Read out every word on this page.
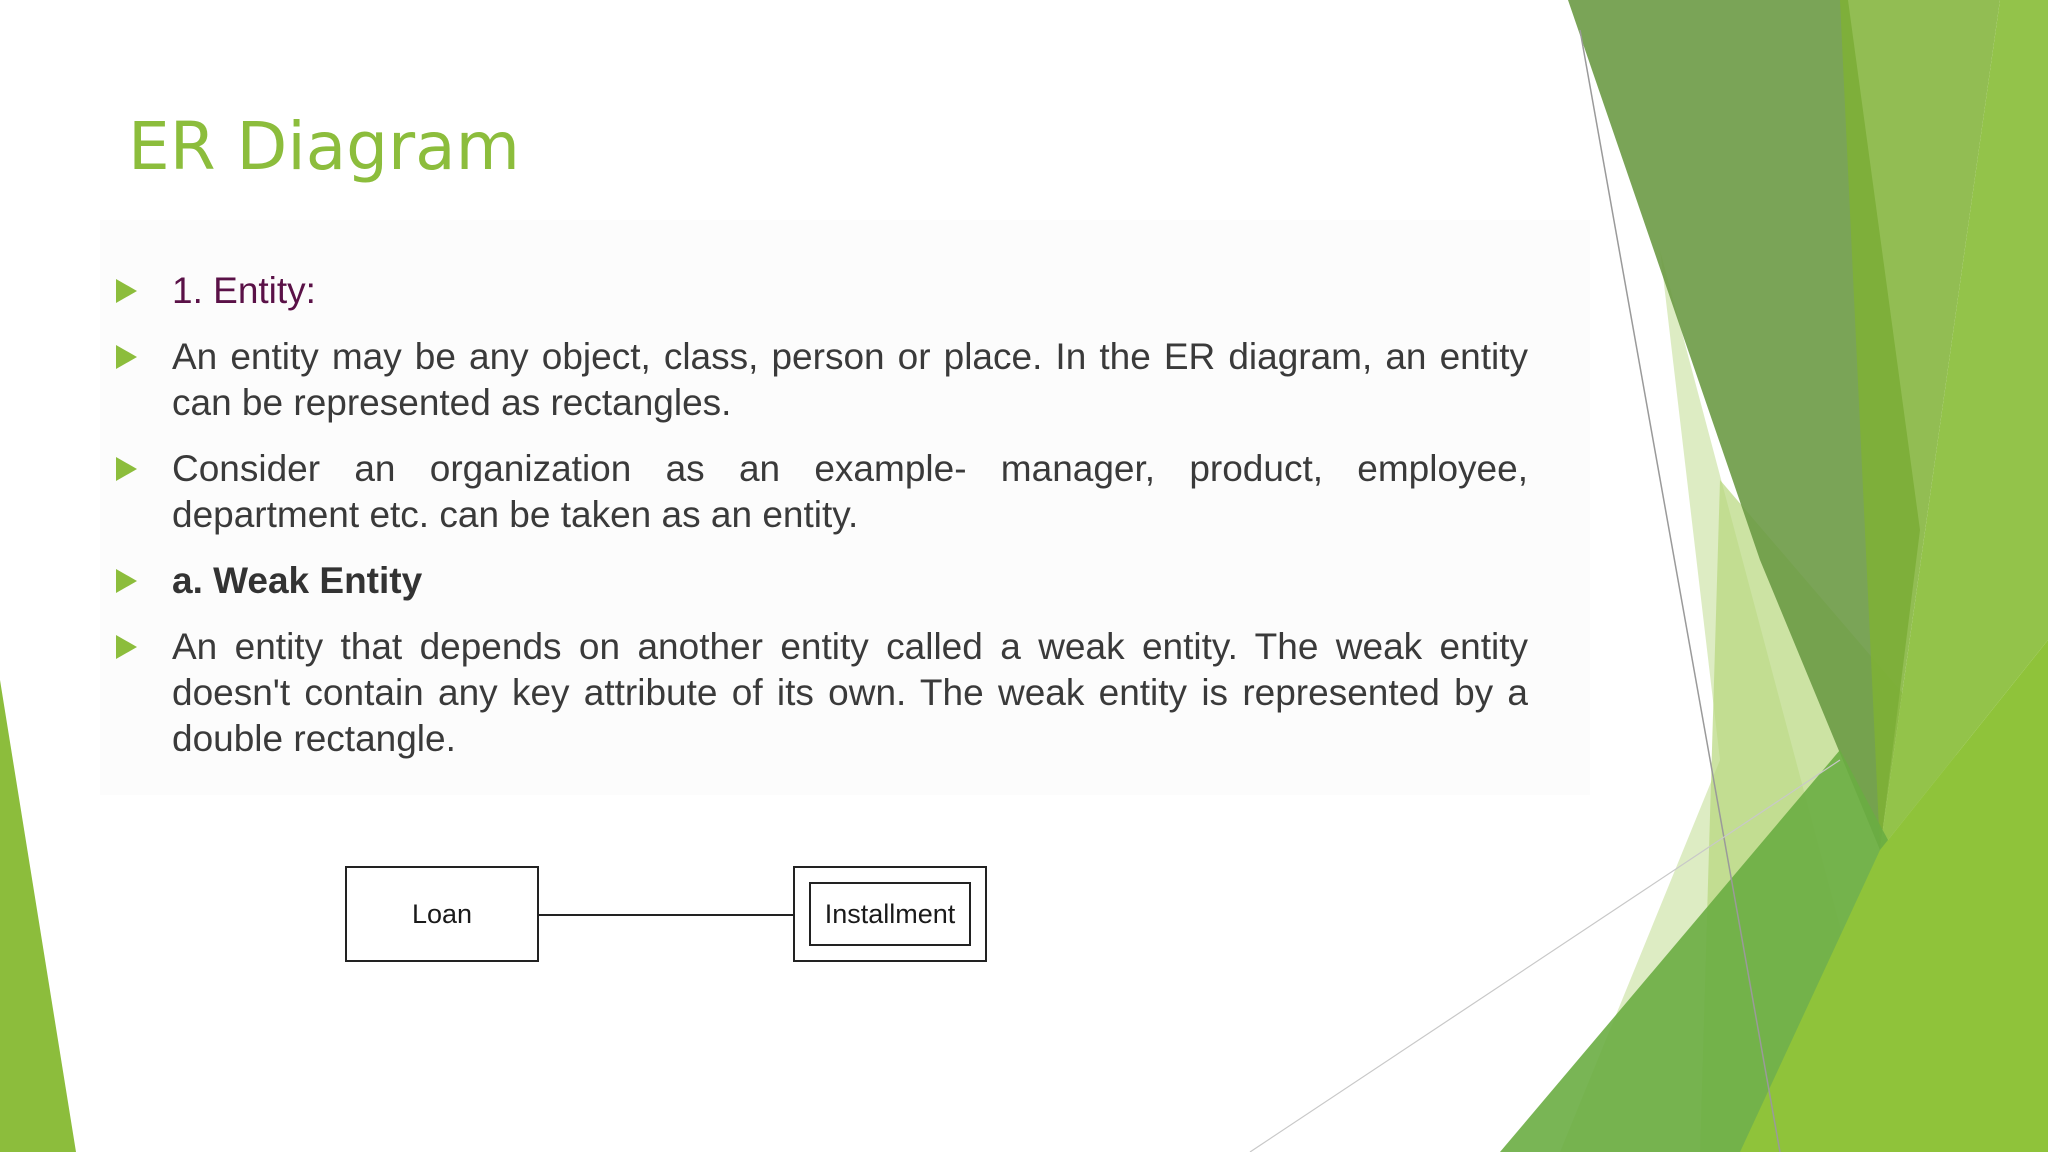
ER Diagram
1. Entity:
An entity may be any object, class, person or place. In the ER diagram, an entity can be represented as rectangles.
Consider an organization as an example- manager, product, employee, department etc. can be taken as an entity.
a. Weak Entity
An entity that depends on another entity called a weak entity. The weak entity doesn't contain any key attribute of its own. The weak entity is represented by a double rectangle.
Loan	Installment
